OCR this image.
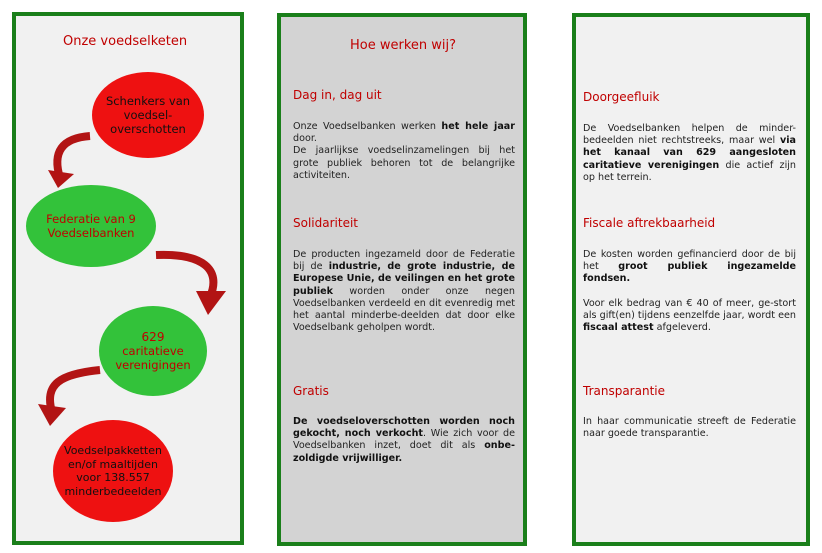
Onze voedselketen
Schenkers van voedsel-overschotten
Federatie van 9 Voedselbanken
629
caritatieve verenigingen
Voedselpakketten en/of maaltijden voor 138.557 minderbedeelden
Hoe werken wij?
Dag in, dag uit

Onze Voedselbanken werken het hele jaar door.

De jaarlijkse voedselinzamelingen bij het grote publiek behoren tot de belangrijke activiteiten.

Solidariteit

De producten ingezameld door de Federatie bij de industrie, de grote industrie, de Europese Unie, de veilingen en het grote publiek worden onder onze negen Voedselbanken verdeeld en dit evenredig met het aantal minderbe-deelden dat door elke Voedselbank geholpen wordt.

Gratis

De voedseloverschotten worden noch gekocht, noch verkocht. Wie zich voor de Voedselbanken inzet, doet dit als onbe-zoldigde vrijwilliger.

Doorgeefluik

De Voedselbanken helpen de minder-bedeelden niet rechtstreeks, maar wel via het kanaal van 629 aangesloten caritatieve verenigingen die actief zijn op het terrein.

Fiscale aftrekbaarheid

De kosten worden gefinancierd door de bij het groot publiek ingezamelde fondsen.

Voor elk bedrag van € 40 of meer, ge-stort als gift(en) tijdens eenzelfde jaar, wordt een fiscaal attest afgeleverd.

Transparantie

In haar communicatie streeft de Federatie naar goede transparantie.
